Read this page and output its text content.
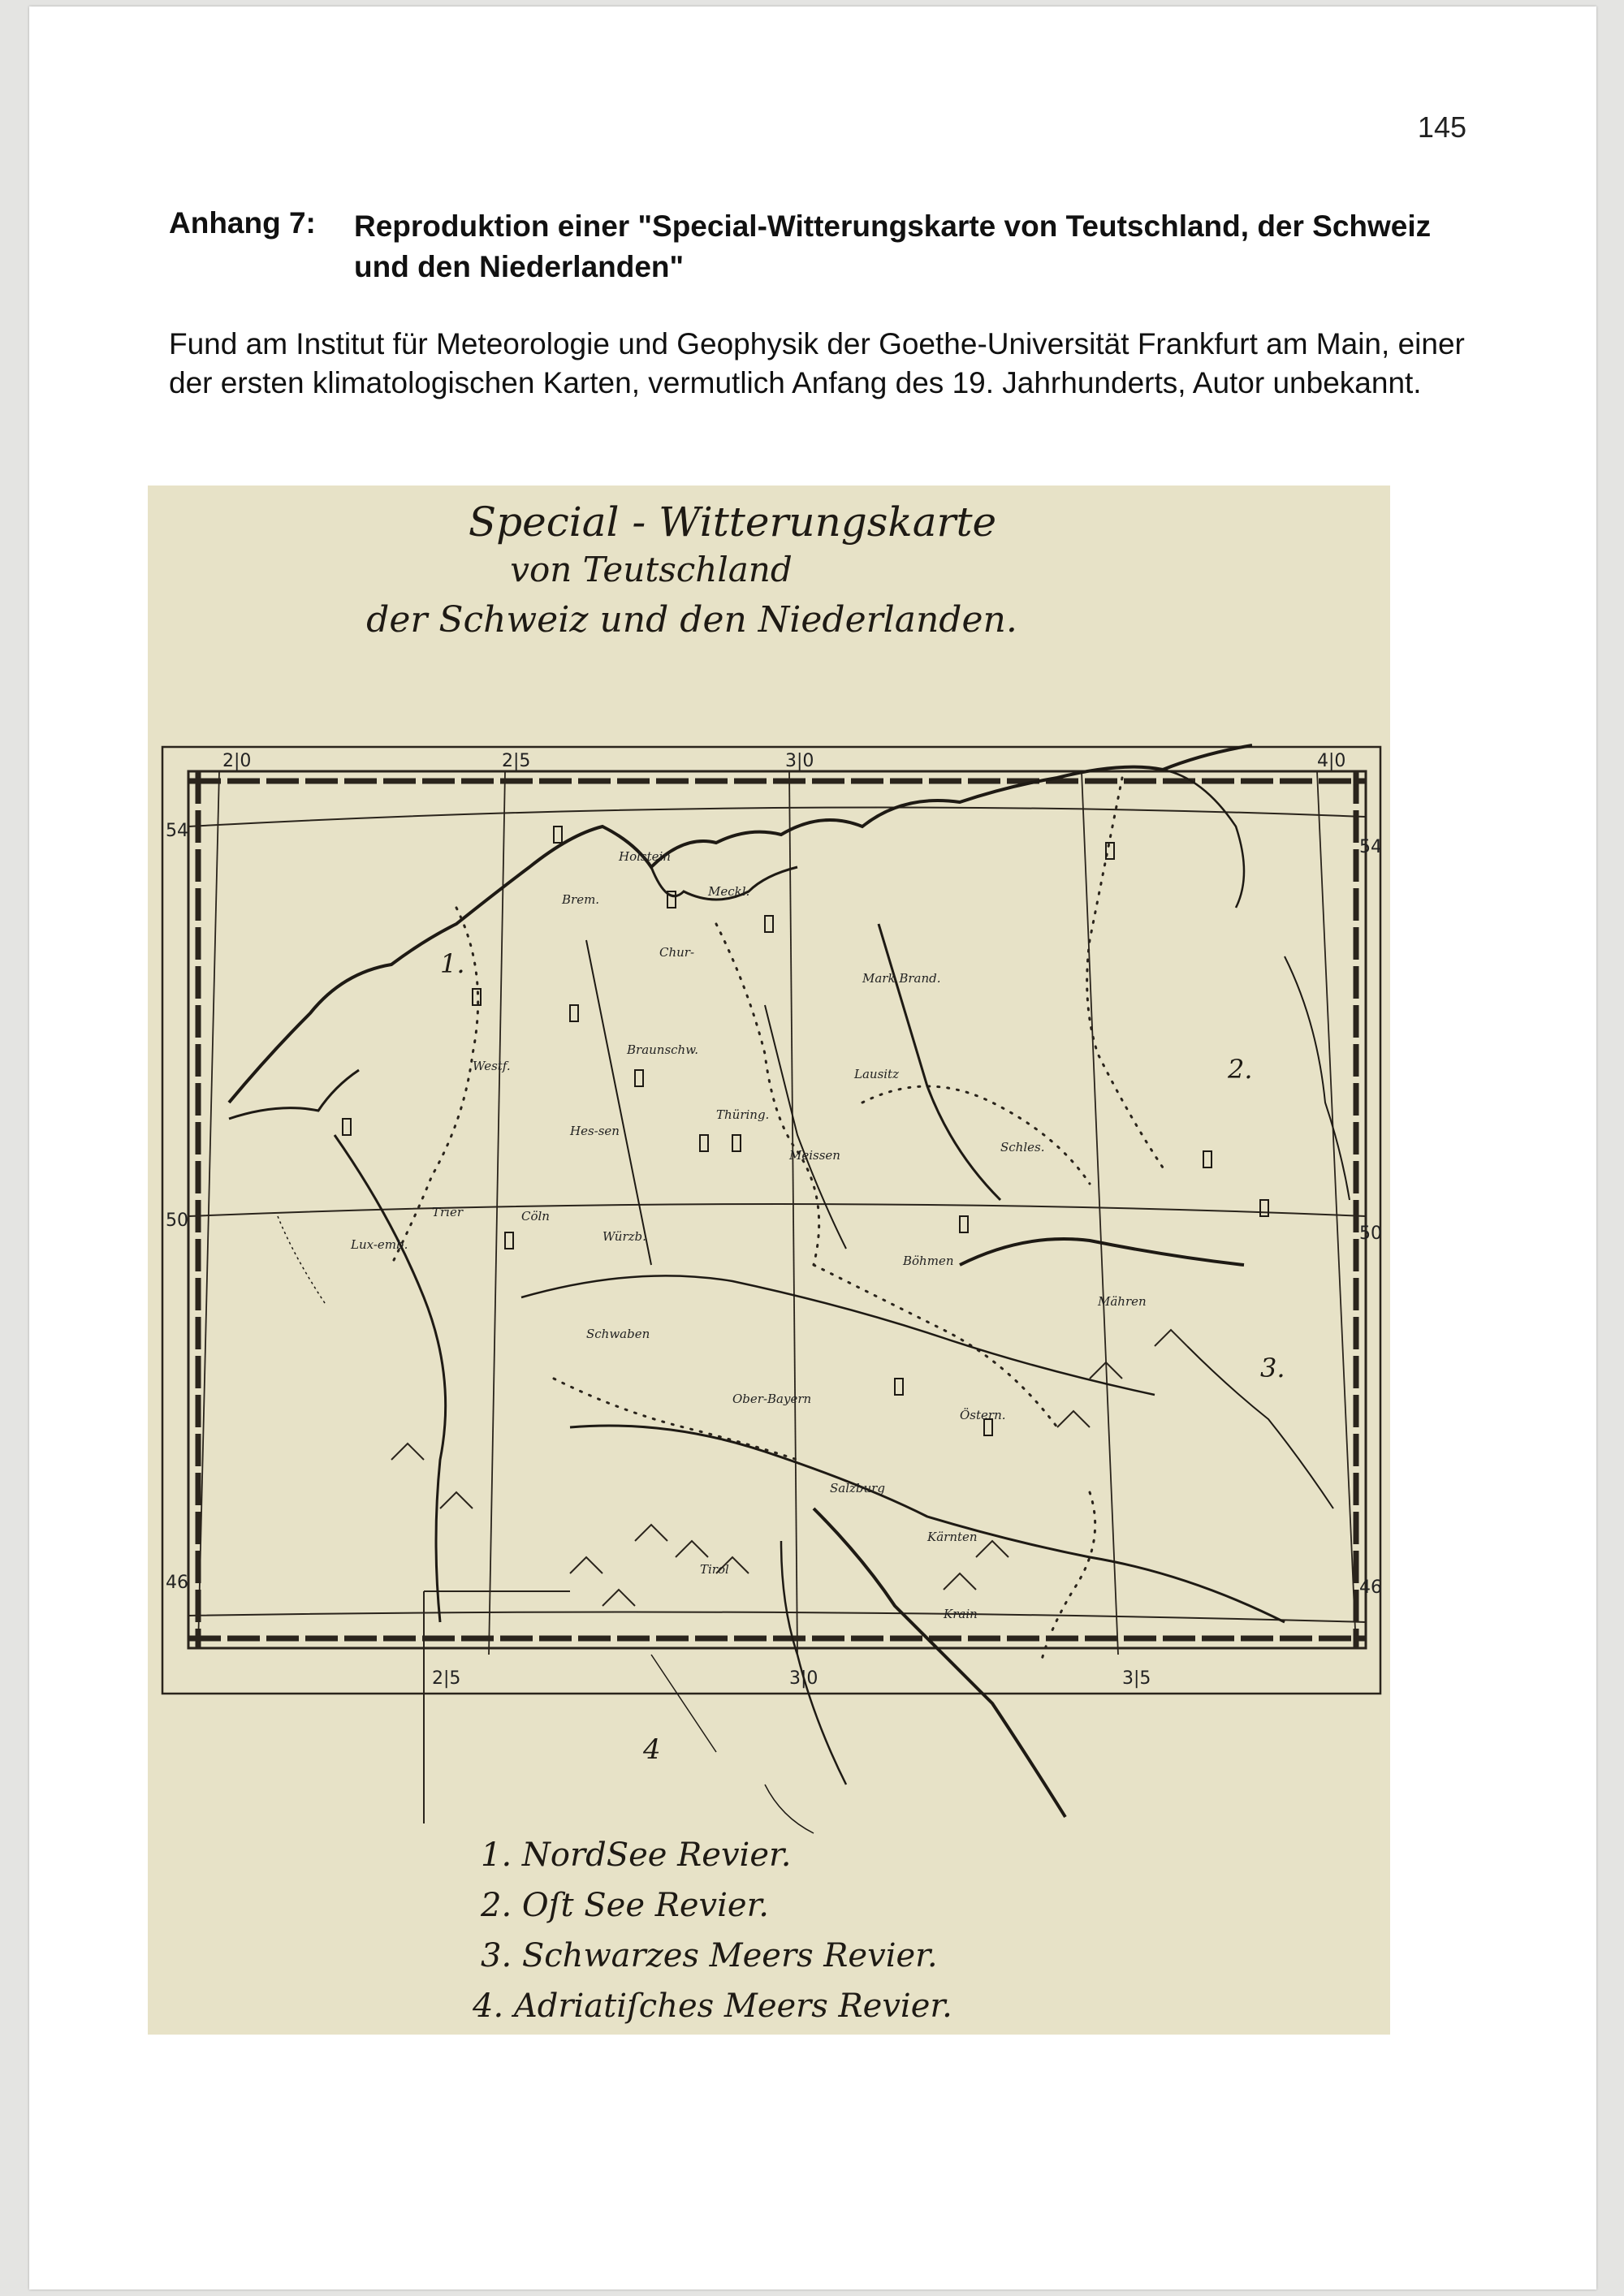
145
Anhang 7: Reproduktion einer "Special-Witterungskarte von Teutschland, der Schweiz und den Niederlanden"
Fund am Institut für Meteorologie und Geophysik der Goethe-Universität Frankfurt am Main, einer der ersten klimatologischen Karten, vermutlich Anfang des 19. Jahrhunderts, Autor unbekannt.
Special - Witterungskarte
von Teutschland
der Schweiz und den Niederlanden.
2|0	2|5	3|0	4|0
2|5	3|0	3|5
54
50
46
54
50
46
Holstein
Brem.
Meckl.
Chur-
Mark Brand.
Westf.
Braunschw.
Hes-sen
Lausitz
Thüring.
Meissen
Schles.
Trier
Lux-emb.
Cöln
Würzb.
Böhmen
Mähren
Ober-Bayern
Östern.
Salzburg
Kärnten
Krain
Tirol
Schwaben
1.
2.
3.
4
1. NordSee Revier.
2. Oſt See Revier.
3. Schwarzes Meers Revier.
4. Adriatiſches Meers Revier.
